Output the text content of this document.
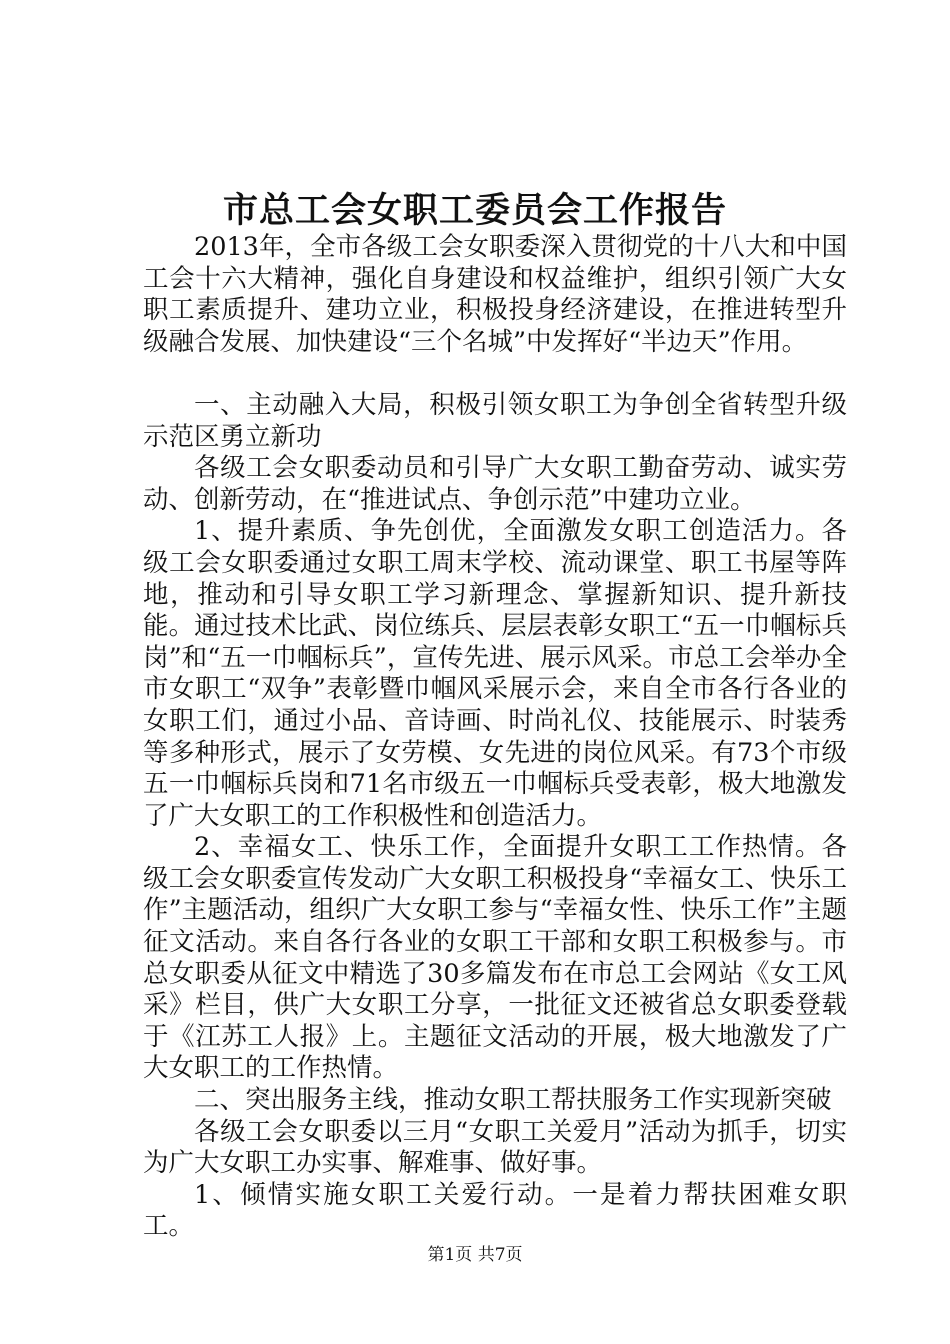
市总工会女职工委员会工作报告

2013年，全市各级工会女职委深入贯彻党的十八大和中国工会十六大精神，强化自身建设和权益维护，组织引领广大女职工素质提升、建功立业，积极投身经济建设，在推进转型升级融合发展、加快建设“三个名城”中发挥好“半边天”作用。

一、主动融入大局，积极引领女职工为争创全省转型升级示范区勇立新功

各级工会女职委动员和引导广大女职工勤奋劳动、诚实劳动、创新劳动，在“推进试点、争创示范”中建功立业。

1、提升素质、争先创优，全面激发女职工创造活力。各级工会女职委通过女职工周末学校、流动课堂、职工书屋等阵地，推动和引导女职工学习新理念、掌握新知识、提升新技能。通过技术比武、岗位练兵、层层表彰女职工“五一巾帼标兵岗”和“五一巾帼标兵”，宣传先进、展示风采。市总工会举办全市女职工“双争”表彰暨巾帼风采展示会，来自全市各行各业的女职工们，通过小品、音诗画、时尚礼仪、技能展示、时装秀等多种形式，展示了女劳模、女先进的岗位风采。有73个市级五一巾帼标兵岗和71名市级五一巾帼标兵受表彰，极大地激发了广大女职工的工作积极性和创造活力。

2、幸福女工、快乐工作，全面提升女职工工作热情。各级工会女职委宣传发动广大女职工积极投身“幸福女工、快乐工作”主题活动，组织广大女职工参与“幸福女性、快乐工作”主题征文活动。来自各行各业的女职工干部和女职工积极参与。市总女职委从征文中精选了30多篇发布在市总工会网站《女工风采》栏目，供广大女职工分享，一批征文还被省总女职委登载于《江苏工人报》上。主题征文活动的开展，极大地激发了广大女职工的工作热情。

二、突出服务主线，推动女职工帮扶服务工作实现新突破

各级工会女职委以三月“女职工关爱月”活动为抓手，切实为广大女职工办实事、解难事、做好事。

1、倾情实施女职工关爱行动。一是着力帮扶困难女职工。

第1页 共7页
